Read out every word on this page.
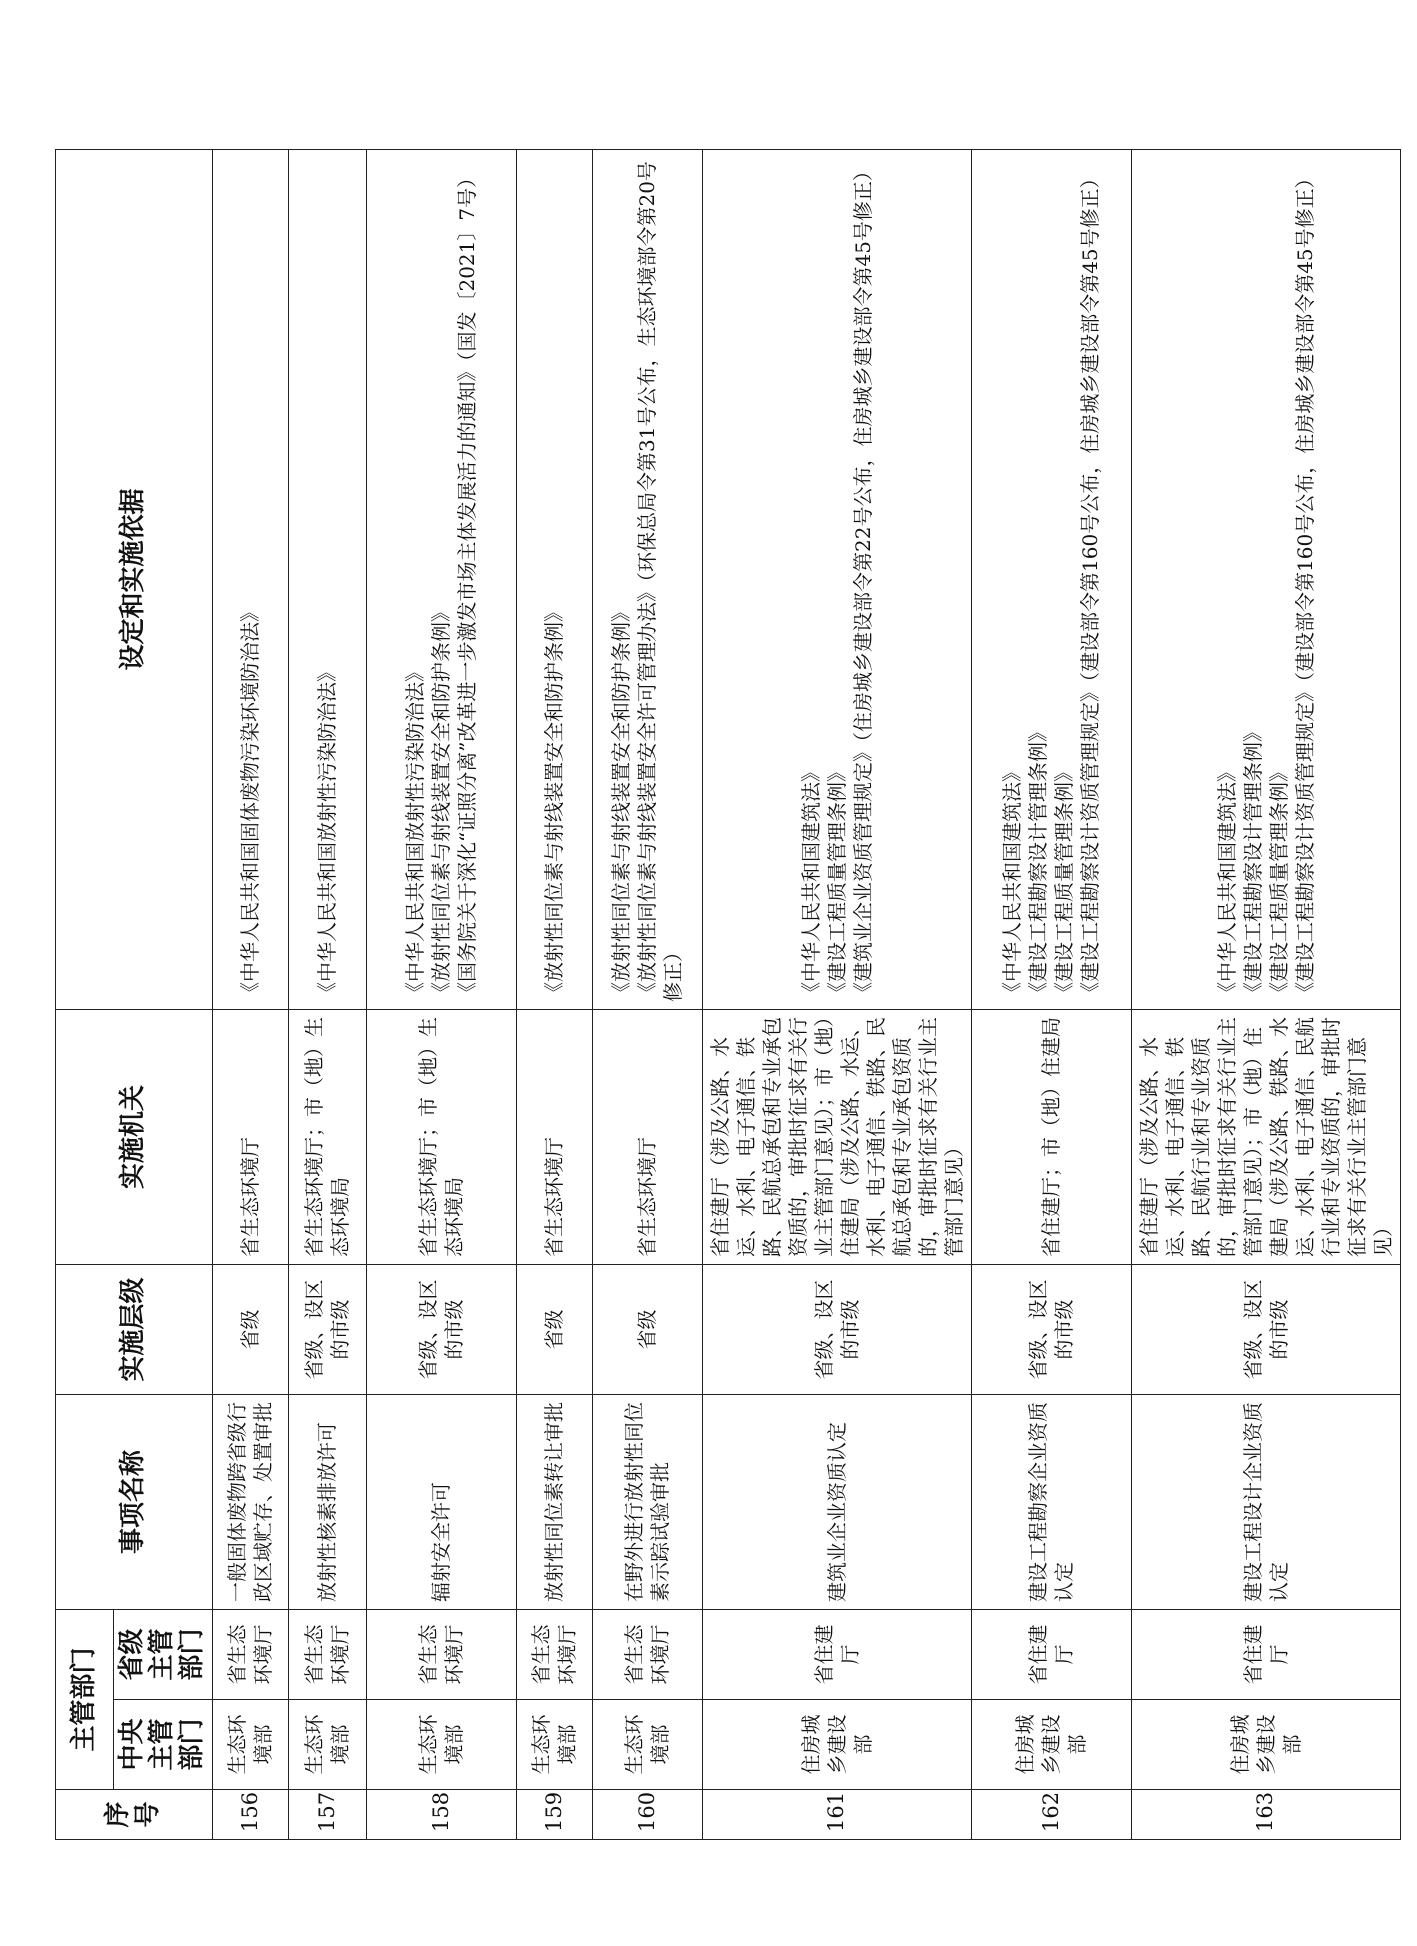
序号	主管部门		事项名称	实施层级	实施机关	设定和实施依据
	中央主管部门	省级主管部门				
156	生态环境部	省生态环境厅	一般固体废物跨省级行政区域贮存、处置审批	省级	省生态环境厅	《中华人民共和国固体废物污染环境防治法》

157	生态环境部	省生态环境厅	放射性核素排放许可	省级、设区的市级	省生态环境厅；市（地）生态环境局	《中华人民共和国放射性污染防治法》

158	生态环境部	省生态环境厅	辐射安全许可	省级、设区的市级	省生态环境厅；市（地）生态环境局	《中华人民共和国放射性污染防治法》 《放射性同位素与射线装置安全和防护条例》 《国务院关于深化“证照分离”改革进一步激发市场主体发展活力的通知》（国发〔2021〕7号）

159	生态环境部	省生态环境厅	放射性同位素转让审批	省级	省生态环境厅	《放射性同位素与射线装置安全和防护条例》

160	生态环境部	省生态环境厅	在野外进行放射性同位素示踪试验审批	省级	省生态环境厅	《放射性同位素与射线装置安全和防护条例》 《放射性同位素与射线装置安全许可管理办法》（环保总局令第31号公布，生态环境部令第20号修正）

161	住房城乡建设部	省住建厅	建筑业企业资质认定	省级、设区的市级	省住建厅（涉及公路、水运、水利、电子通信、铁路、民航总承包和专业承包资质的，审批时征求有关行业主管部门意见）；市（地）住建局（涉及公路、水运、水利、电子通信、铁路、民航总承包和专业承包资质的，审批时征求有关行业主管部门意见）	《中华人民共和国建筑法》 《建设工程质量管理条例》 《建筑业企业资质管理规定》（住房城乡建设部令第22号公布，住房城乡建设部令第45号修正）

162	住房城乡建设部	省住建厅	建设工程勘察企业资质认定	省级、设区的市级	省住建厅；市（地）住建局	《中华人民共和国建筑法》 《建设工程勘察设计管理条例》 《建设工程质量管理条例》 《建设工程勘察设计资质管理规定》（建设部令第160号公布，住房城乡建设部令第45号修正）

163	住房城乡建设部	省住建厅	建设工程设计企业资质认定	省级、设区的市级	省住建厅（涉及公路、水运、水利、电子通信、铁路、民航行业和专业资质的，审批时征求有关行业主管部门意见）；市（地）住建局（涉及公路、铁路、水运、水利、电子通信、民航行业和专业资质的，审批时征求有关行业主管部门意见）	《中华人民共和国建筑法》 《建设工程勘察设计管理条例》 《建设工程质量管理条例》 《建设工程勘察设计资质管理规定》（建设部令第160号公布，住房城乡建设部令第45号修正）
